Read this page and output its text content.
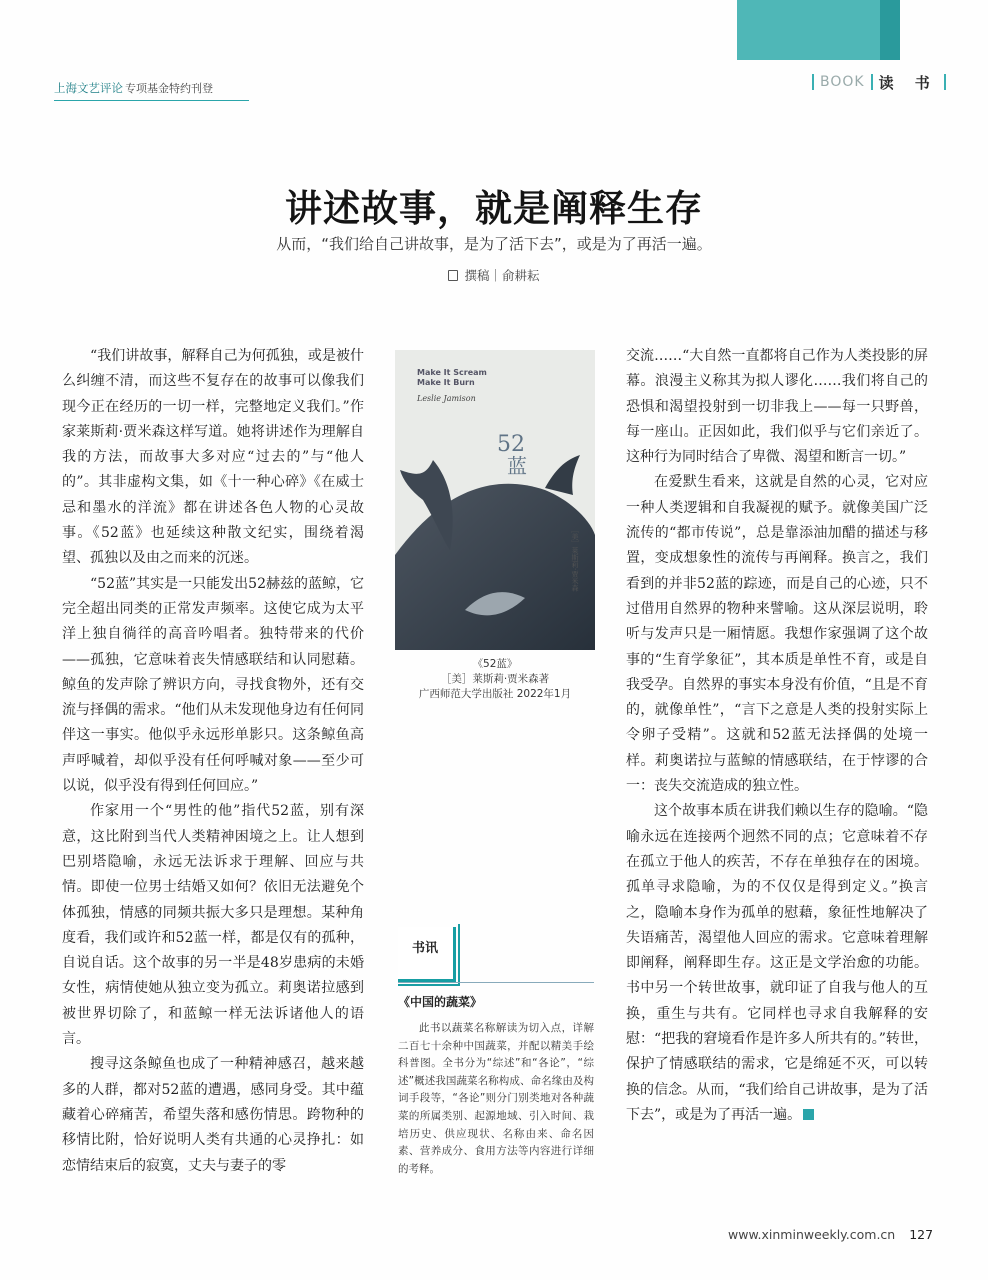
上海文艺评论 专项基金特约刊登	BOOK 读 书
讲述故事，就是阐释生存
从而，“我们给自己讲故事，是为了活下去”，或是为了再活一遍。
撰稿｜俞耕耘

“我们讲故事，解释自己为何孤独，或是被什么纠缠不清，而这些不复存在的故事可以像我们现今正在经历的一切一样，完整地定义我们。”作家莱斯莉·贾米森这样写道。她将讲述作为理解自我的方法，而故事大多对应“过去的”与“他人的”。其非虚构文集，如《十一种心碎》《在威士忌和墨水的洋流》都在讲述各色人物的心灵故事。《52蓝》也延续这种散文纪实，围绕着渴望、孤独以及由之而来的沉迷。

“52蓝”其实是一只能发出52赫兹的蓝鲸，它完全超出同类的正常发声频率。这使它成为太平洋上独自徜徉的高音吟唱者。独特带来的代价——孤独，它意味着丧失情感联结和认同慰藉。鲸鱼的发声除了辨识方向，寻找食物外，还有交流与择偶的需求。“他们从未发现他身边有任何同伴这一事实。他似乎永远形单影只。这条鲸鱼高声呼喊着，却似乎没有任何呼喊对象——至少可以说，似乎没有得到任何回应。”

作家用一个“男性的他”指代52蓝，别有深意，这比附到当代人类精神困境之上。让人想到巴别塔隐喻，永远无法诉求于理解、回应与共情。即使一位男士结婚又如何？依旧无法避免个体孤独，情感的同频共振大多只是理想。某种角度看，我们或许和52蓝一样，都是仅有的孤种，自说自话。这个故事的另一半是48岁患病的未婚女性，病情使她从独立变为孤立。莉奥诺拉感到被世界切除了，和蓝鲸一样无法诉诸他人的语言。

搜寻这条鲸鱼也成了一种精神感召，越来越多的人群，都对52蓝的遭遇，感同身受。其中蕴藏着心碎痛苦，希望失落和感伤情思。跨物种的移情比附，恰好说明人类有共通的心灵挣扎：如恋情结束后的寂寞，丈夫与妻子的零

Make It Scream
Make It Burn
Leslie Jamison
52
蓝
［美］莱斯莉·贾米森
《52蓝》
［美］莱斯莉·贾米森著
广西师范大学出版社 2022年1月
书讯
《中国的蔬菜》
此书以蔬菜名称解读为切入点，详解二百七十余种中国蔬菜，并配以精美手绘科普图。全书分为“综述”和“各论”，“综述”概述我国蔬菜名称构成、命名缘由及构词手段等，“各论”则分门别类地对各种蔬菜的所属类别、起源地域、引入时间、栽培历史、供应现状、名称由来、命名因素、营养成分、食用方法等内容进行详细的考释。

交流……“大自然一直都将自己作为人类投影的屏幕。浪漫主义称其为拟人谬化……我们将自己的恐惧和渴望投射到一切非我上——每一只野兽，每一座山。正因如此，我们似乎与它们亲近了。这种行为同时结合了卑微、渴望和断言一切。”

在爱默生看来，这就是自然的心灵，它对应一种人类逻辑和自我凝视的赋予。就像美国广泛流传的“都市传说”，总是靠添油加醋的描述与移置，变成想象性的流传与再阐释。换言之，我们看到的并非52蓝的踪迹，而是自己的心迹，只不过借用自然界的物种来譬喻。这从深层说明，聆听与发声只是一厢情愿。我想作家强调了这个故事的“生育学象征”，其本质是单性不育，或是自我受孕。自然界的事实本身没有价值，“且是不育的，就像单性”，“言下之意是人类的投射实际上令卵子受精”。这就和52蓝无法择偶的处境一样。莉奥诺拉与蓝鲸的情感联结，在于悖谬的合一：丧失交流造成的独立性。

这个故事本质在讲我们赖以生存的隐喻。“隐喻永远在连接两个迥然不同的点；它意味着不存在孤立于他人的疾苦，不存在单独存在的困境。孤单寻求隐喻，为的不仅仅是得到定义。”换言之，隐喻本身作为孤单的慰藉，象征性地解决了失语痛苦，渴望他人回应的需求。它意味着理解即阐释，阐释即生存。这正是文学治愈的功能。书中另一个转世故事，就印证了自我与他人的互换，重生与共有。它同样也寻求自我解释的安慰：“把我的窘境看作是许多人所共有的。”转世，保护了情感联结的需求，它是绵延不灭，可以转换的信念。从而，“我们给自己讲故事，是为了活下去”，或是为了再活一遍。

www.xinminweekly.com.cn 127
